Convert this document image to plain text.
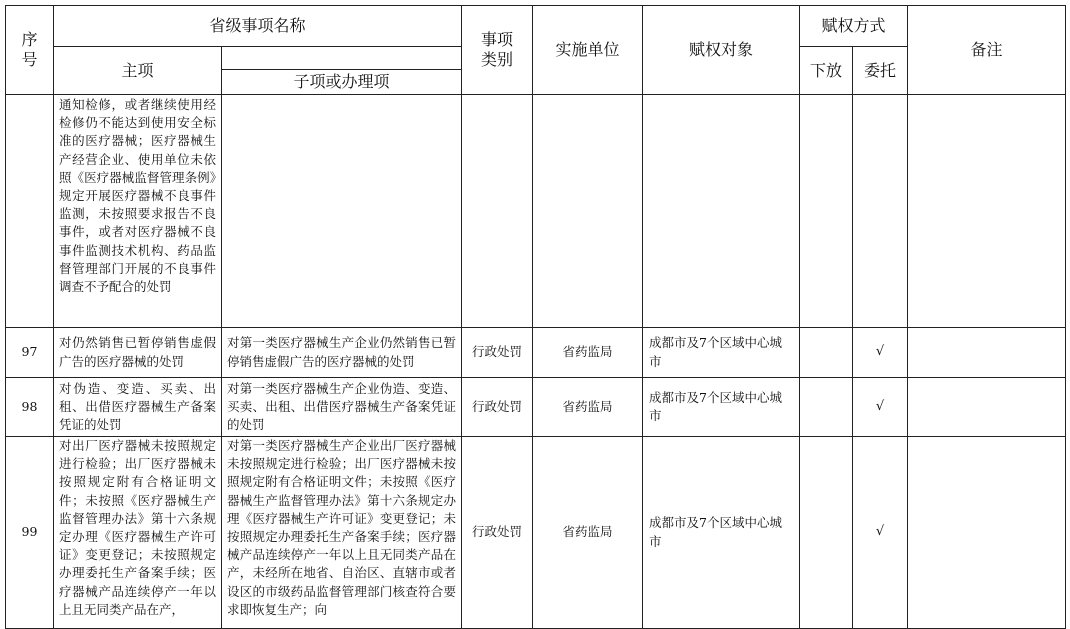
序号	省级事项名称		事项类别	实施单位	赋权对象	赋权方式		备注
	主项					下放	委托	
		子项或办理项						

	通知检修，或者继续使用经检修仍不能达到使用安全标准的医疗器械；医疗器械生产经营企业、使用单位未依照《医疗器械监督管理条例》规定开展医疗器械不良事件监测，未按照要求报告不良事件，或者对医疗器械不良事件监测技术机构、药品监督管理部门开展的不良事件调查不予配合的处罚							

97	对仍然销售已暂停销售虚假广告的医疗器械的处罚	对第一类医疗器械生产企业仍然销售已暂停销售虚假广告的医疗器械的处罚	行政处罚	省药监局	成都市及7个区域中心城市		√	
98	对伪造、变造、买卖、出租、出借医疗器械生产备案凭证的处罚	对第一类医疗器械生产企业伪造、变造、买卖、出租、出借医疗器械生产备案凭证的处罚	行政处罚	省药监局	成都市及7个区域中心城市		√	
99	对出厂医疗器械未按照规定进行检验；出厂医疗器械未按照规定附有合格证明文件；未按照《医疗器械生产监督管理办法》第十六条规定办理《医疗器械生产许可证》变更登记；未按照规定办理委托生产备案手续；医疗器械产品连续停产一年以上且无同类产品在产，	对第一类医疗器械生产企业出厂医疗器械未按照规定进行检验；出厂医疗器械未按照规定附有合格证明文件；未按照《医疗器械生产监督管理办法》第十六条规定办理《医疗器械生产许可证》变更登记；未按照规定办理委托生产备案手续；医疗器械产品连续停产一年以上且无同类产品在产，未经所在地省、自治区、直辖市或者设区的市级药品监督管理部门核查符合要求即恢复生产；向	行政处罚	省药监局	成都市及7个区域中心城市		√	
